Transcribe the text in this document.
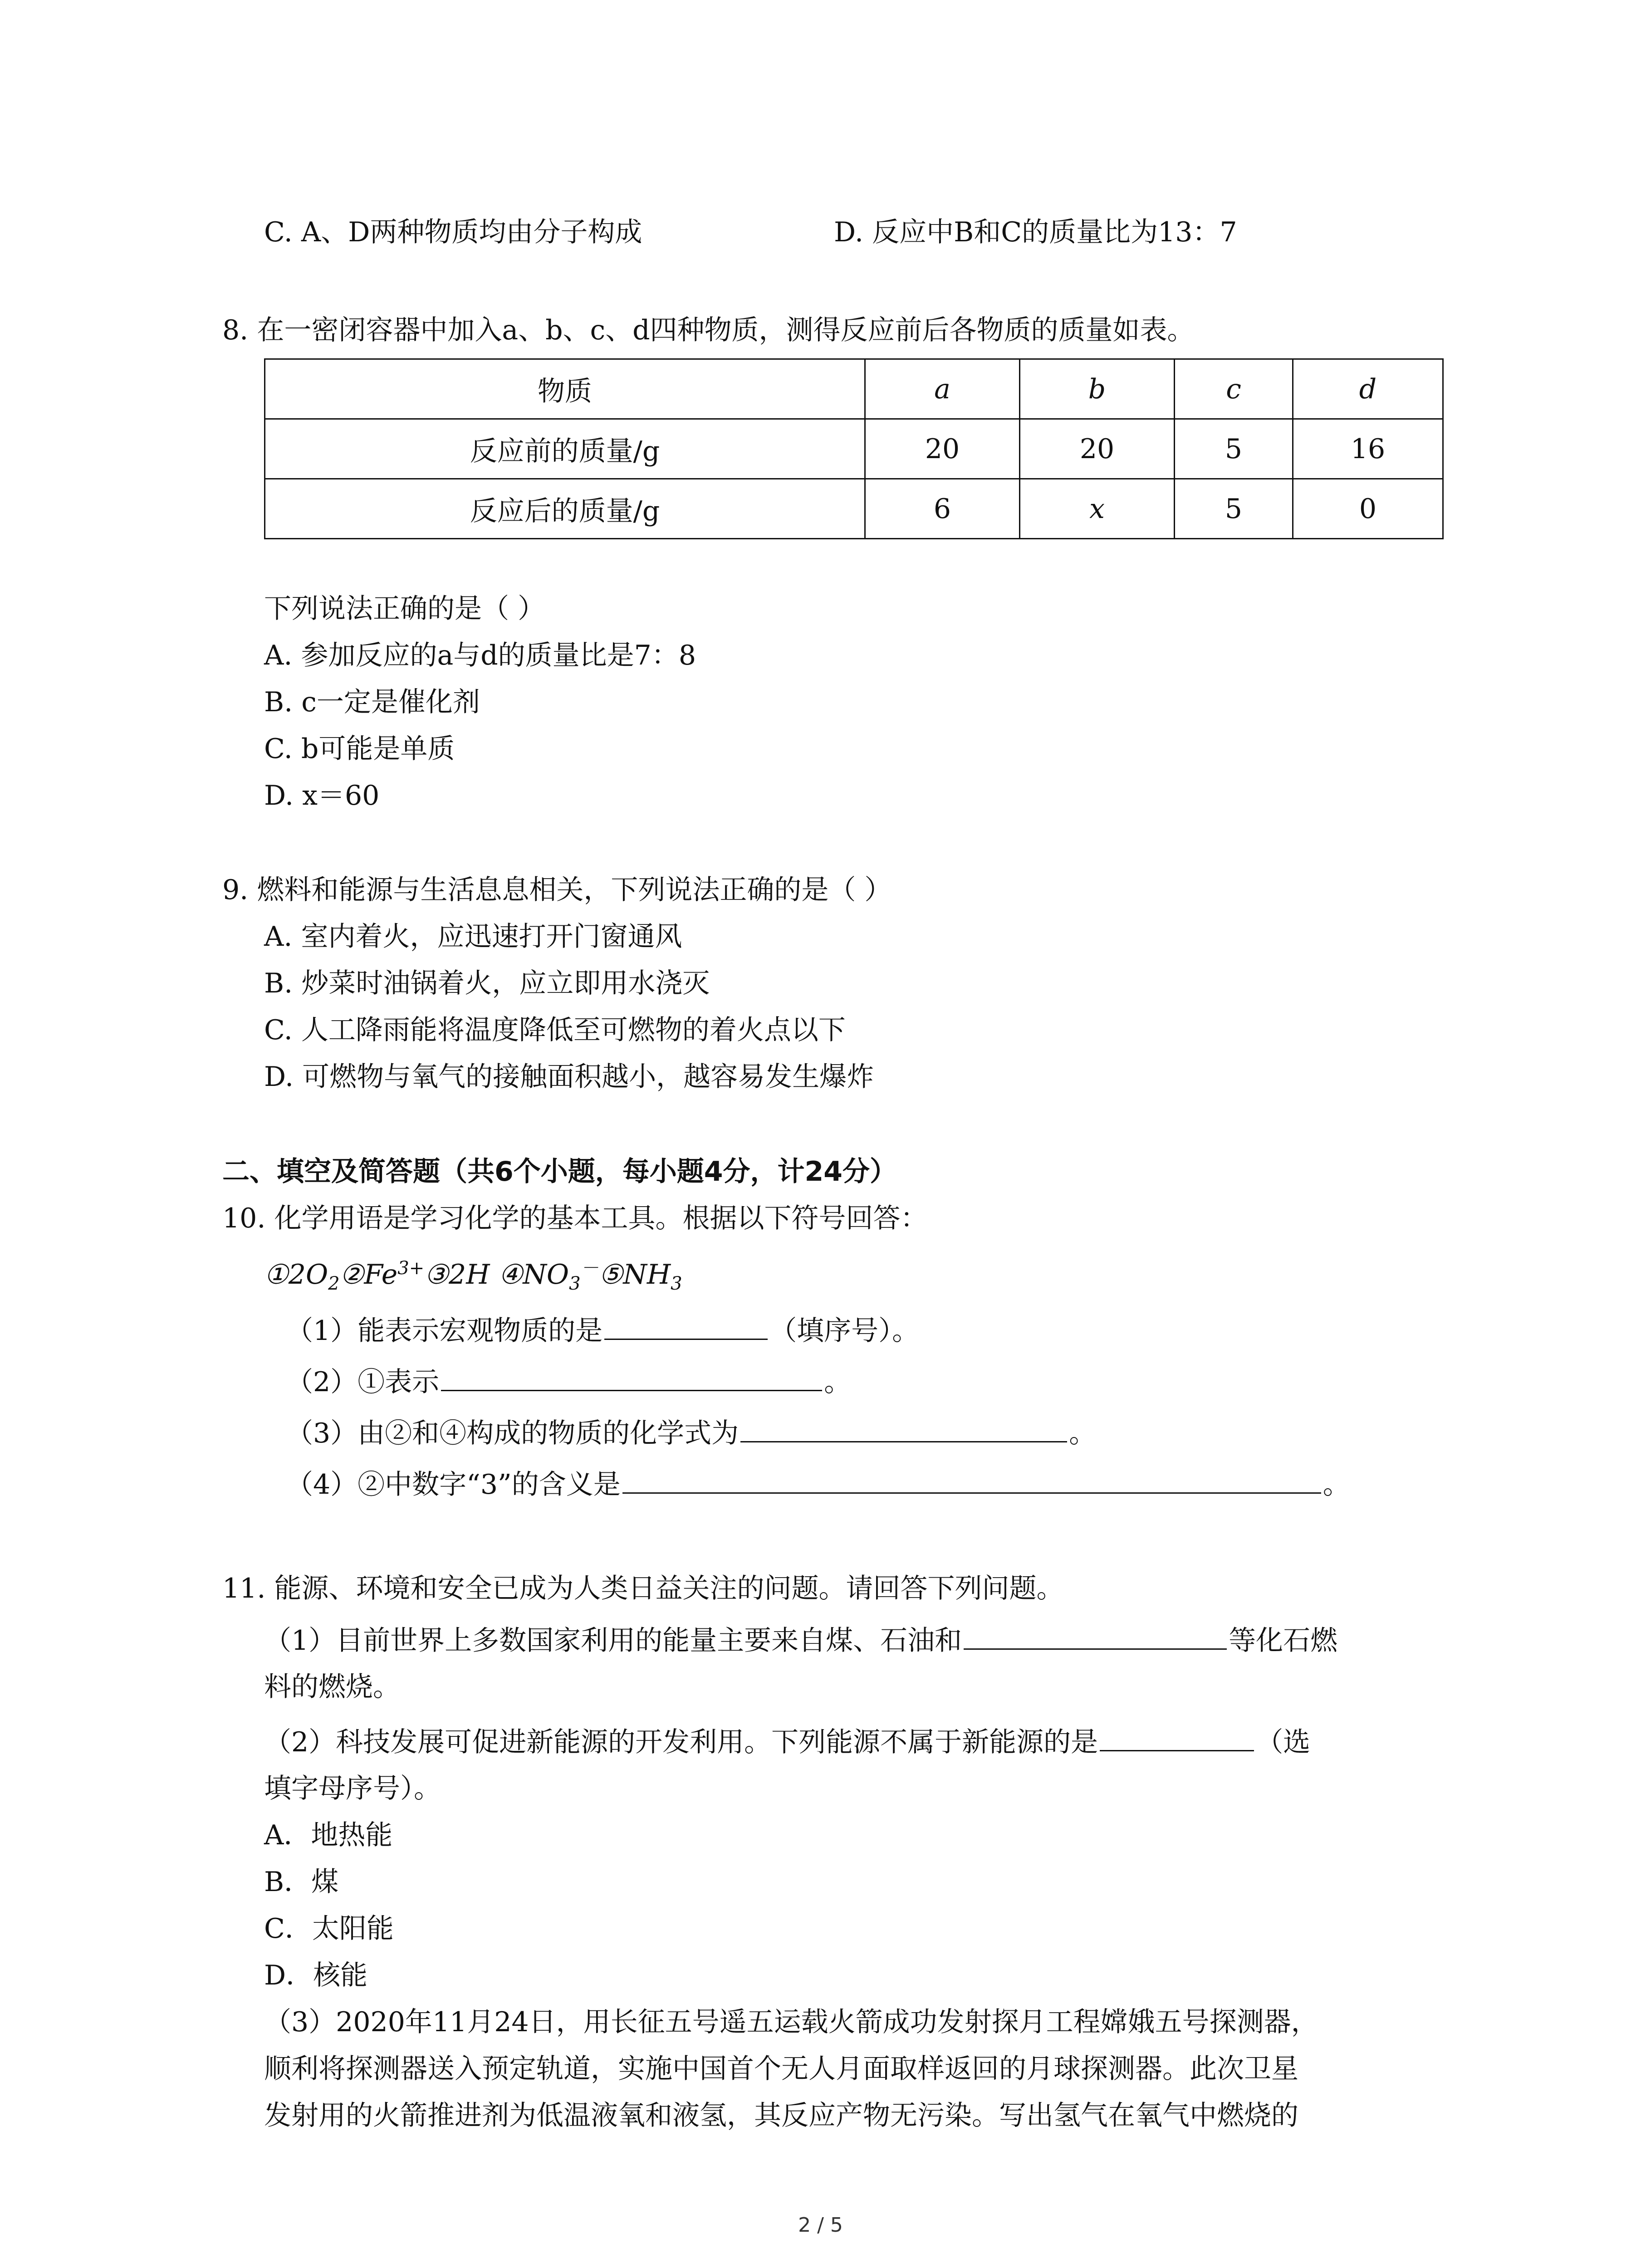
C. A、D两种物质均由分子构成	D. 反应中B和C的质量比为13：7
8. 在一密闭容器中加入a、b、c、d四种物质，测得反应前后各物质的质量如表。
物质	a	b	c	d
反应前的质量/g	20	20	5	16
反应后的质量/g	6	x	5	0
下列说法正确的是（ ）
A. 参加反应的a与d的质量比是7：8
B. c一定是催化剂
C. b可能是单质
D. x＝60
9. 燃料和能源与生活息息相关，下列说法正确的是（ ）
A. 室内着火，应迅速打开门窗通风
B. 炒菜时油锅着火，应立即用水浇灭
C. 人工降雨能将温度降低至可燃物的着火点以下
D. 可燃物与氧气的接触面积越小，越容易发生爆炸
二、填空及简答题（共6个小题，每小题4分，计24分）
10. 化学用语是学习化学的基本工具。根据以下符号回答：
$①2O_2②Fe^{3+}③2H$ $④NO_3^-⑤NH_3$
（1）能表示宏观物质的是	（填序号）。
（2）①表示	。
（3）由②和④构成的物质的化学式为	。
（4）②中数字“3”的含义是	。
11. 能源、环境和安全已成为人类日益关注的问题。请回答下列问题。
（1）目前世界上多数国家利用的能量主要来自煤、石油和	等化石燃
料的燃烧。
（2）科技发展可促进新能源的开发利用。下列能源不属于新能源的是	（选
填字母序号）。
A．地热能
B．煤
C．太阳能
D．核能
（3）2020年11月24日，用长征五号遥五运载火箭成功发射探月工程嫦娥五号探测器，
顺利将探测器送入预定轨道，实施中国首个无人月面取样返回的月球探测器。此次卫星
发射用的火箭推进剂为低温液氧和液氢，其反应产物无污染。写出氢气在氧气中燃烧的
2 / 5
